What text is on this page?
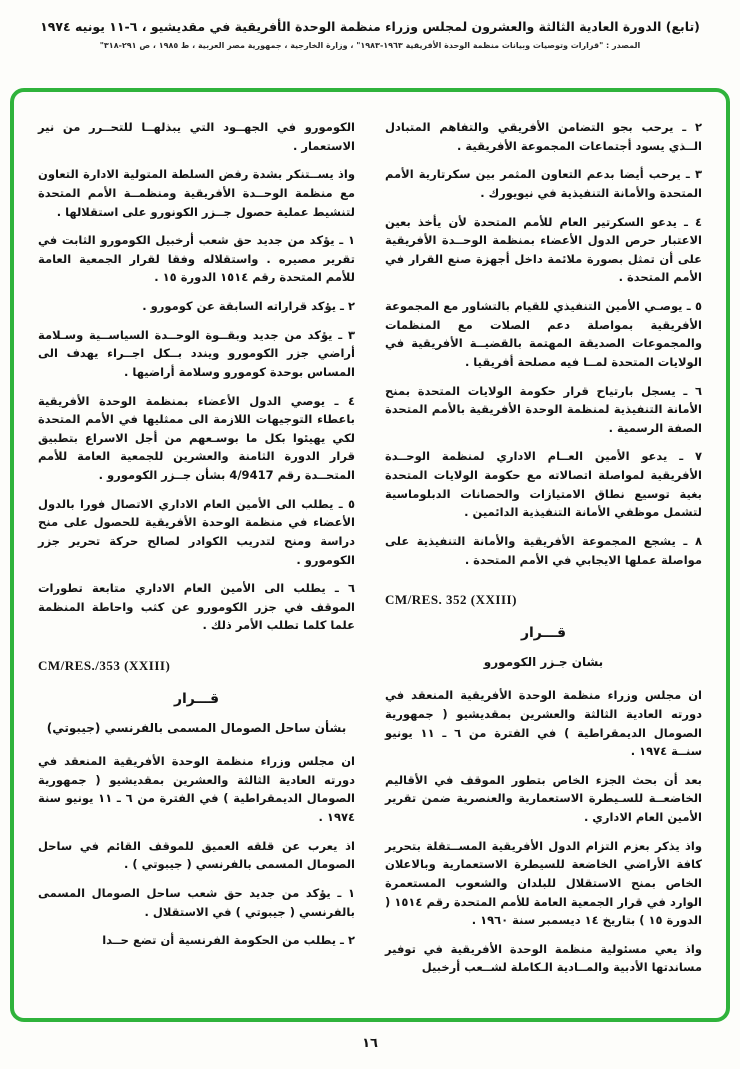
(تابع) الدورة العادية الثالثة والعشرون لمجلس وزراء منظمة الوحدة الأفريقية في مقديشيو ، ٦-١١ يونيه ١٩٧٤
المصدر : "قرارات وتوصيات وبيانات منظمة الوحدة الأفريقية ١٩٦٣-١٩٨٣" ، وزارة الخارجية ، جمهورية مصر العربية ، ط ١٩٨٥ ، ص ٢٩١-٣١٨"
٢ ـ يرحب بجو التضامن الأفريقي والتفاهم المتبادل الــذي يسود أجتماعات المجموعة الأفريقية .
٣ ـ يرحب أيضا بدعم التعاون المثمر بين سكرتارية الأمم المتحدة والأمانة التنفيذية في نيويورك .
٤ ـ يدعو السكرتير العام للأمم المتحدة لأن يأخذ بعين الاعتبار حرص الدول الأعضاء بمنظمة الوحــدة الأفريقية على أن تمثل بصورة ملائمة داخل أجهزة صنع القرار في الأمم المتحدة .
٥ ـ يوصـي الأمين التنفيذي للقيام بالتشاور مع المجموعة الأفريقية بمواصلة دعم الصلات مع المنظمات والمجموعات الصديقة المهتمة بالقضيــة الأفريقية في الولايات المتحدة لمــا فيه مصلحة أفريقيا .
٦ ـ يسجل بارتياح قرار حكومة الولايات المتحدة بمنح الأمانة التنفيذية لمنظمة الوحدة الأفريقية بالأمم المتحدة الصفة الرسمية .
٧ ـ يدعو الأمين العــام الاداري لمنظمة الوحــدة الأفريقية لمواصلة اتصالاته مع حكومة الولايات المتحدة بغية توسيع نطاق الامتيازات والحصانات الدبلوماسية لتشمل موظفي الأمانة التنفيذية الدائمين .
٨ ـ يشجع المجموعة الأفريقية والأمانة التنفيذية على مواصلة عملها الايجابي في الأمم المتحدة .
CM/RES. 352 (XXIII)
قـــرار
بشان جـزر الكومورو
ان مجلس وزراء منظمة الوحدة الأفريقية المنعقد في دورته العادية الثالثة والعشرين بمقديشيو ( جمهورية الصومال الديمقراطية ) في الفترة من ٦ ـ ١١ يونيو سنــة ١٩٧٤ .
بعد أن بحث الجزء الخاص بتطور الموقف في الأقاليم الخاضعــة للسـيطرة الاستعمارية والعنصرية ضمن تقرير الأمين العام الاداري .
واذ يذكر بعزم التزام الدول الأفريقية المســتقلة بتحرير كافة الأراضي الخاضعة للسيطرة الاستعمارية وبالاعلان الخاص بمنح الاستقلال للبلدان والشعوب المستعمرة الوارد في قرار الجمعية العامة للأمم المتحدة رقم ١٥١٤ ( الدورة ١٥ ) بتاريخ ١٤ ديسمبر سنة ١٩٦٠ .
واذ يعي مسئولية منظمة الوحدة الأفريقية في توفير مساندتها الأدبية والمــادية الـكاملة لشــعب أرخبيل
الكومورو في الجهــود التي يبذلهــا للتحــرر من نير الاستعمار .
واذ يســتنكر بشدة رفض السلطة المتولية الادارة التعاون مع منظمة الوحــدة الأفريقية ومنظمــة الأمم المتحدة لتنشيط عملية حصول جــزر الكونورو على استقلالها .
١ ـ يؤكد من جديد حق شعب أرخبيل الكومورو الثابت في تقرير مصيره . واستقلاله وفقا لقرار الجمعية العامة للأمم المتحدة رقم ١٥١٤ الدورة ١٥ .
٢ ـ يؤكد قراراته السابقة عن كومورو .
٣ ـ يؤكد من جديد وبقــوة الوحــدة السياســية وسـلامة أراضي جزر الكومورو ويندد بــكل اجــراء يهدف الى المساس بوحدة كومورو وسلامة أراضيها .
٤ ـ يوصي الدول الأعضاء بمنظمة الوحدة الأفريقية باعطاء التوجيهات اللازمة الى ممثليها في الأمم المتحدة لكي يهيئوا بكل ما بوسـعهم من أجل الاسراع بتطبيق قرار الدورة الثامنة والعشرين للجمعية العامة للأمم المتحــدة رقم 4/9417 بشأن جــزر الكومورو .
٥ ـ يطلب الى الأمين العام الاداري الاتصال فورا بالدول الأعضاء في منظمة الوحدة الأفريقية للحصول على منح دراسة ومنح لتدريب الكوادر لصالح حركة تحرير جزر الكومورو .
٦ ـ يطلب الى الأمين العام الاداري متابعة تطورات الموقف في جزر الكومورو عن كثب واحاطة المنظمة علما كلما تطلب الأمر ذلك .
CM/RES./353 (XXIII)
قـــرار
بشأن ساحل الصومال المسمى بالفرنسي (جيبوتي)
ان مجلس وزراء منظمة الوحدة الأفريقية المنعقد في دورته العادية الثالثة والعشرين بمقديشيو ( جمهورية الصومال الديمقراطية ) في الفترة من ٦ ـ ١١ يونيو سنة ١٩٧٤ .
اذ يعرب عن قلقه العميق للموقف القائم في ساحل الصومال المسمى بالفرنسي ( جيبوتي ) .
١ ـ يؤكد من جديد حق شعب ساحل الصومال المسمى بالفرنسي ( جيبوتي ) في الاستقلال .
٢ ـ يطلب من الحكومة الفرنسية أن تضع حــدا
١٦
